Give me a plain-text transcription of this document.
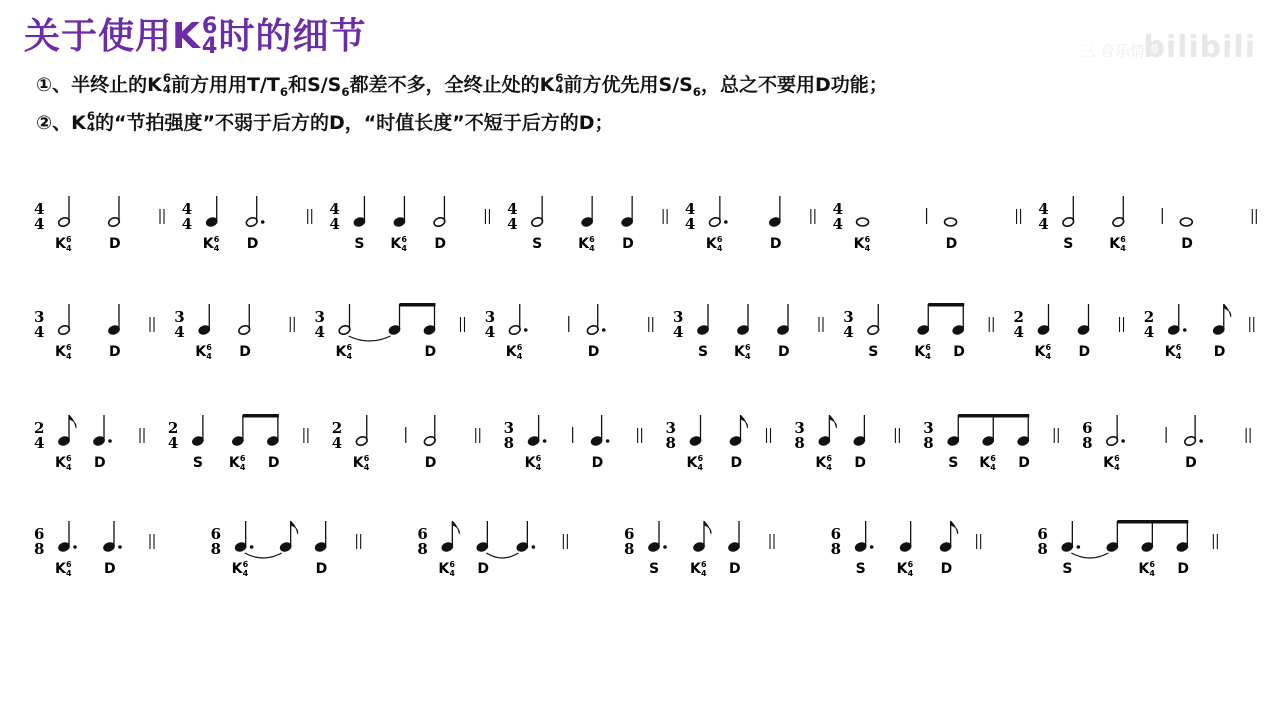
关于使用K 6
4 时的细节	三 音乐情愫
bilibili
①、半终止的K 6
4 前方用用$T/T_6$和$S/S_6$都差不多，全终止处的K 6
4 前方优先用$S/S_6$，总之不要用D功能；
②、K 6
4 的“节拍强度”不弱于后方的D，“时值长度”不短于后方的D；
4
4
K 6
4	D
4
4
K 6
4 D
4
4
S K 6
4 D
4
4
S	K 6
4 D
4
4
K 6
4	D
4
4
K 6
4	D
4
4
S	K 6
4	D
3
4
K 6
4	D
3
4
K 6
4 D
3
4
K 6
4	D
3
4
K 6
4	D
3
4
S K 6
4 D
3
4
S	K 6
4 D
2
4
K 6
4 D
2
4
K 6
4 D
2
4
K 6
4 D
2
4
S K 6
4 D
2
4
K 6
4	D
3
8
K 6
4	D
3
8
K 6
4 D
3
8
K 6
4 D
3
8
S K 6
4 D
6
8
K 6
4	D
6
8
K 6
4 D
6
8
K 6
4	D
6
8
K 6
4 D
6
8
S K 6
4 D
6
8
S K 6
4 D
6
8
S	K 6
4 D
